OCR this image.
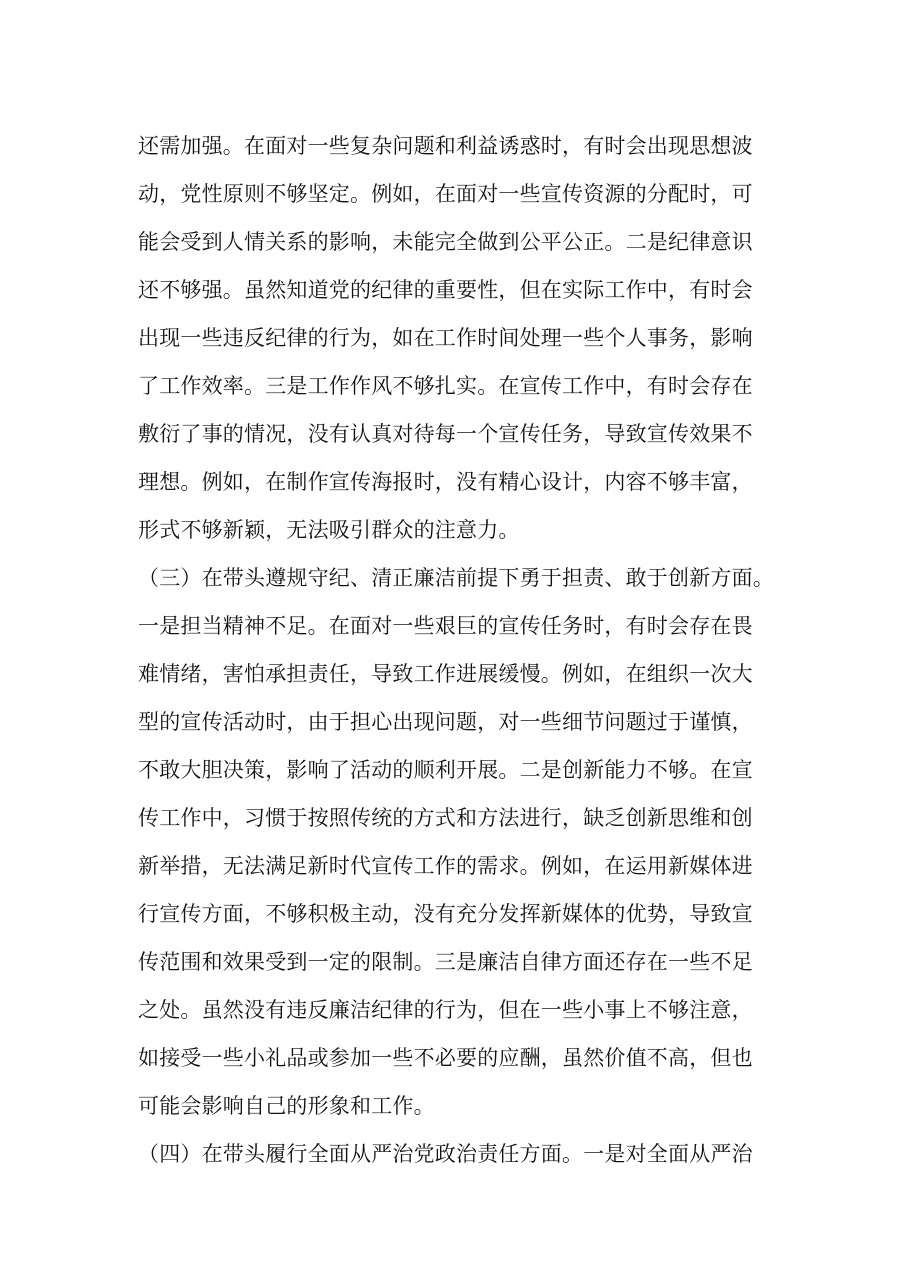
还需加强。在面对一些复杂问题和利益诱惑时，有时会出现思想波
动，党性原则不够坚定。例如，在面对一些宣传资源的分配时，可
能会受到人情关系的影响，未能完全做到公平公正。二是纪律意识
还不够强。虽然知道党的纪律的重要性，但在实际工作中，有时会
出现一些违反纪律的行为，如在工作时间处理一些个人事务，影响
了工作效率。三是工作作风不够扎实。在宣传工作中，有时会存在
敷衍了事的情况，没有认真对待每一个宣传任务，导致宣传效果不
理想。例如，在制作宣传海报时，没有精心设计，内容不够丰富，
形式不够新颖，无法吸引群众的注意力。
（三）在带头遵规守纪、清正廉洁前提下勇于担责、敢于创新方面。
一是担当精神不足。在面对一些艰巨的宣传任务时，有时会存在畏
难情绪，害怕承担责任，导致工作进展缓慢。例如，在组织一次大
型的宣传活动时，由于担心出现问题，对一些细节问题过于谨慎，
不敢大胆决策，影响了活动的顺利开展。二是创新能力不够。在宣
传工作中，习惯于按照传统的方式和方法进行，缺乏创新思维和创
新举措，无法满足新时代宣传工作的需求。例如，在运用新媒体进
行宣传方面，不够积极主动，没有充分发挥新媒体的优势，导致宣
传范围和效果受到一定的限制。三是廉洁自律方面还存在一些不足
之处。虽然没有违反廉洁纪律的行为，但在一些小事上不够注意，
如接受一些小礼品或参加一些不必要的应酬，虽然价值不高，但也
可能会影响自己的形象和工作。
（四）在带头履行全面从严治党政治责任方面。一是对全面从严治
